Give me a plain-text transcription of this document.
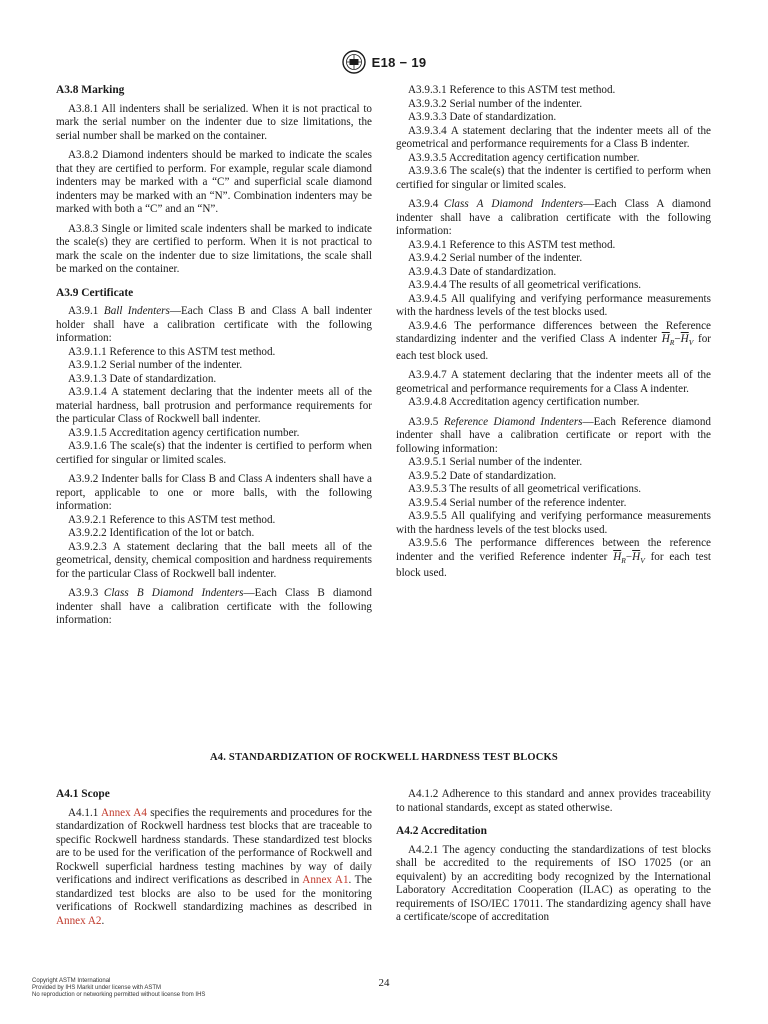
E18 − 19

A3.8 Marking

A3.8.1 All indenters shall be serialized. When it is not practical to mark the serial number on the indenter due to size limitations, the serial number shall be marked on the container.

A3.8.2 Diamond indenters should be marked to indicate the scales that they are certified to perform. For example, regular scale diamond indenters may be marked with a “C” and superficial scale diamond indenters may be marked with an “N”. Combination indenters may be marked with both a “C” and an “N”.

A3.8.3 Single or limited scale indenters shall be marked to indicate the scale(s) they are certified to perform. When it is not practical to mark the scale on the indenter due to size limitations, the scale shall be marked on the container.

A3.9 Certificate

A3.9.1  Ball Indenters—Each Class B and Class A ball indenter holder shall have a calibration certificate with the following information:

A3.9.1.1 Reference to this ASTM test method.

A3.9.1.2 Serial number of the indenter.

A3.9.1.3 Date of standardization.

A3.9.1.4 A statement declaring that the indenter meets all of the material hardness, ball protrusion and performance requirements for the particular Class of Rockwell ball indenter.

A3.9.1.5 Accreditation agency certification number.

A3.9.1.6 The scale(s) that the indenter is certified to perform when certified for singular or limited scales.

A3.9.2 Indenter balls for Class B and Class A indenters shall have a report, applicable to one or more balls, with the following information:

A3.9.2.1 Reference to this ASTM test method.

A3.9.2.2 Identification of the lot or batch.

A3.9.2.3 A statement declaring that the ball meets all of the geometrical, density, chemical composition and hardness requirements for the particular Class of Rockwell ball indenter.

A3.9.3  Class B Diamond Indenters—Each Class B diamond indenter shall have a calibration certificate with the following information:

A3.9.3.1 Reference to this ASTM test method.

A3.9.3.2 Serial number of the indenter.

A3.9.3.3 Date of standardization.

A3.9.3.4 A statement declaring that the indenter meets all of the geometrical and performance requirements for a Class B indenter.

A3.9.3.5 Accreditation agency certification number.

A3.9.3.6 The scale(s) that the indenter is certified to perform when certified for singular or limited scales.

A3.9.4  Class A Diamond Indenters—Each Class A diamond indenter shall have a calibration certificate with the following information:

A3.9.4.1 Reference to this ASTM test method.

A3.9.4.2 Serial number of the indenter.

A3.9.4.3 Date of standardization.

A3.9.4.4 The results of all geometrical verifications.

A3.9.4.5 All qualifying and verifying performance measurements with the hardness levels of the test blocks used.

A3.9.4.6 The performance differences between the Reference standardizing indenter and the verified Class A indenter $\overline{H}_R-\overline{H}_V$ for each test block used.

A3.9.4.7 A statement declaring that the indenter meets all of the geometrical and performance requirements for a Class A indenter.

A3.9.4.8 Accreditation agency certification number.

A3.9.5  Reference Diamond Indenters—Each Reference diamond indenter shall have a calibration certificate or report with the following information:

A3.9.5.1 Serial number of the indenter.

A3.9.5.2 Date of standardization.

A3.9.5.3 The results of all geometrical verifications.

A3.9.5.4 Serial number of the reference indenter.

A3.9.5.5 All qualifying and verifying performance measurements with the hardness levels of the test blocks used.

A3.9.5.6 The performance differences between the reference indenter and the verified Reference indenter $\overline{H}_R-\overline{H}_V$ for each test block used.

A4. STANDARDIZATION OF ROCKWELL HARDNESS TEST BLOCKS

A4.1 Scope

A4.1.1 Annex A4 specifies the requirements and procedures for the standardization of Rockwell hardness test blocks that are traceable to specific Rockwell hardness standards. These standardized test blocks are to be used for the verification of the performance of Rockwell and Rockwell superficial hardness testing machines by way of daily verifications and indirect verifications as described in Annex A1. The standardized test blocks are also to be used for the monitoring verifications of Rockwell standardizing machines as described in Annex A2.

A4.1.2 Adherence to this standard and annex provides traceability to national standards, except as stated otherwise.

A4.2 Accreditation

A4.2.1 The agency conducting the standardizations of test blocks shall be accredited to the requirements of ISO 17025 (or an equivalent) by an accrediting body recognized by the International Laboratory Accreditation Cooperation (ILAC) as operating to the requirements of ISO/IEC 17011. The standardizing agency shall have a certificate/scope of accreditation

Copyright ASTM International
Provided by IHS Markit under license with ASTM
No reproduction or networking permitted without license from IHS
24
